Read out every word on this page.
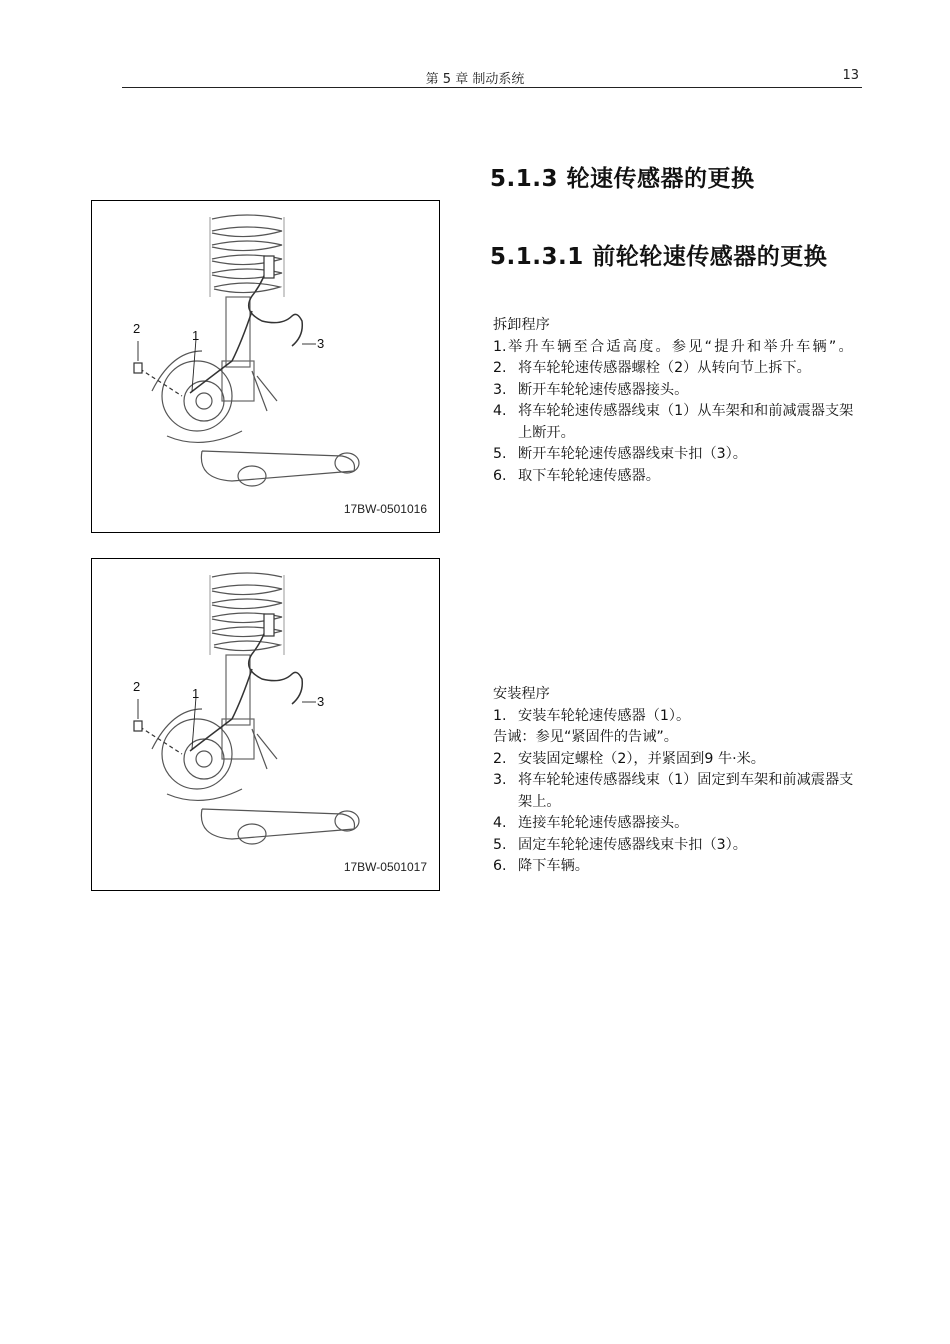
第 5 章 制动系统	13
5.1.3 轮速传感器的更换
5.1.3.1 前轮轮速传感器的更换

拆卸程序

1. 举升车辆至合适高度。参见“提升和举升车辆”。
2. 将车轮轮速传感器螺栓（2）从转向节上拆下。
3. 断开车轮轮速传感器接头。
4. 将车轮轮速传感器线束（1）从车架和和前减震器支架上断开。
5. 断开车轮轮速传感器线束卡扣（3）。
6. 取下车轮轮速传感器。

安装程序

1. 安装车轮轮速传感器（1）。

告诫：参见“紧固件的告诫”。

2. 安装固定螺栓（2），并紧固到9 牛·米。
3. 将车轮轮速传感器线束（1）固定到车架和前减震器支架上。
4. 连接车轮轮速传感器接头。
5. 固定车轮轮速传感器线束卡扣（3）。
6. 降下车辆。
2	1
3
17BW-0501016
2	1
3
17BW-0501017
